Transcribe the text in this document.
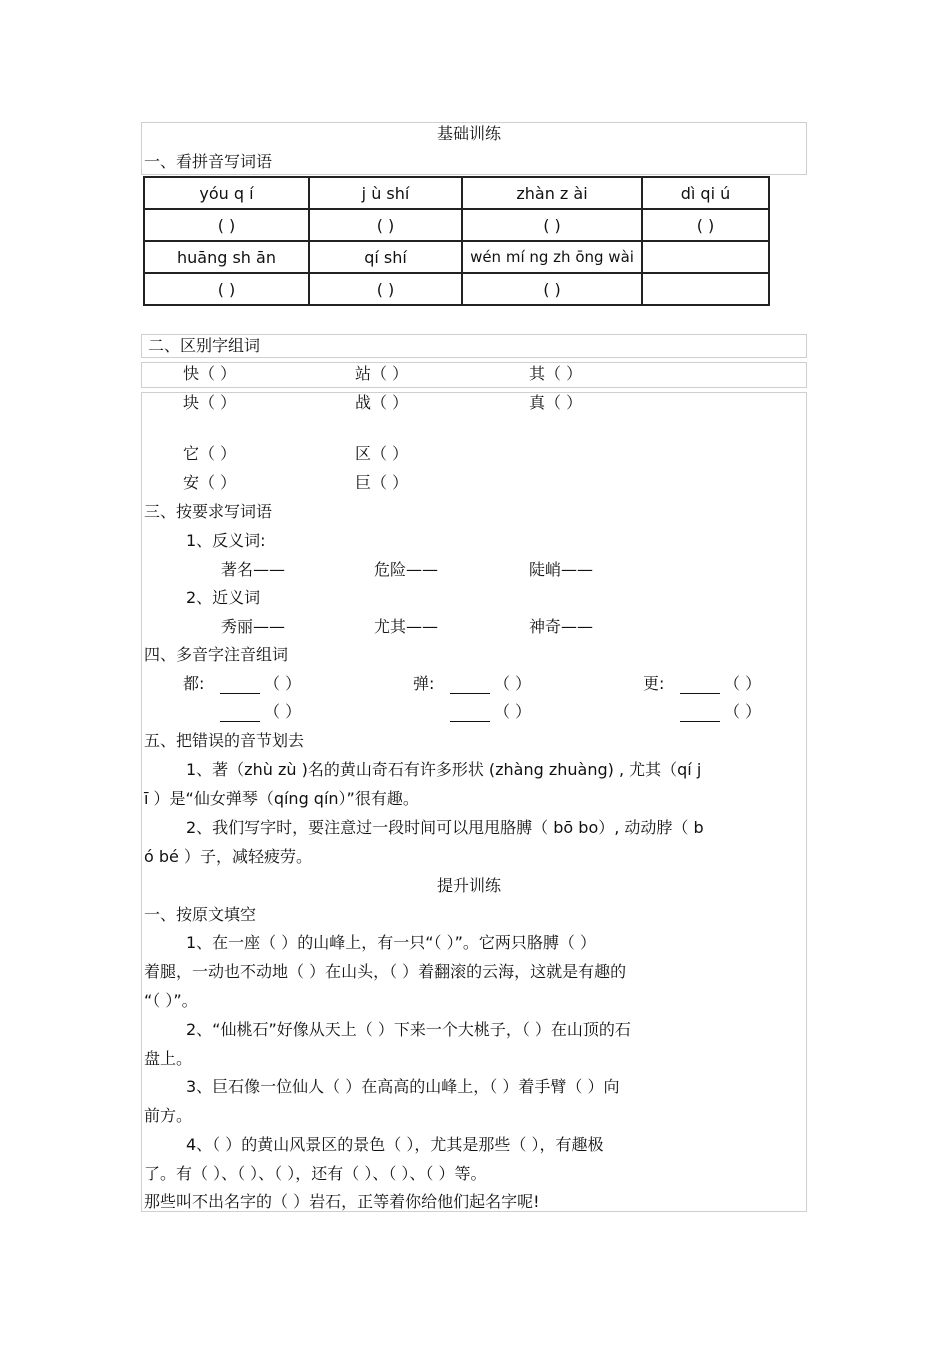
基础训练
一、看拼音写词语
yóu q í	j ù shí	zhàn z ài	dì qi ú
( )	( )	( )	( )
huāng sh ān	qí shí	wén mí ng zh ōng wài	
( )	( )	( )	
二、区别字组词
快（ ）	站（ ）	其（ ）
块（ ）	战（ ）	真（ ）
它（ ）	区（ ）
安（ ）	巨（ ）
三、按要求写词语
1、反义词:
著名——	危险——	陡峭——
2、近义词
秀丽——	尤其——	神奇——
四、多音字注音组词
都:	（ ）	弹:	（ ）	更:	（ ）
（ ）	（ ）	（ ）
五、把错误的音节划去
1、著（zhù zù )名的黄山奇石有许多形状 (zhàng zhuàng) , 尤其（qí j
ī ）是“仙女弹琴（qíng qín）”很有趣。
2、我们写字时，要注意过一段时间可以甩甩胳膊（ bō bo）, 动动脖（ b
ó bé ）子，减轻疲劳。
提升训练
一、按原文填空
1、在一座（ ）的山峰上，有一只“（ ）”。它两只胳膊（ ）
着腿，一动也不动地（ ）在山头，（ ）着翻滚的云海，这就是有趣的
“（ ）”。
2、“仙桃石”好像从天上（ ）下来一个大桃子，（ ）在山顶的石
盘上。
3、巨石像一位仙人（ ）在高高的山峰上，（ ）着手臂（ ）向
前方。
4、（ ）的黄山风景区的景色（ ），尤其是那些（ ），有趣极
了。有（ ）、（ ）、（ ），还有（ ）、（ ）、（ ）等。
那些叫不出名字的（ ）岩石，正等着你给他们起名字呢!
